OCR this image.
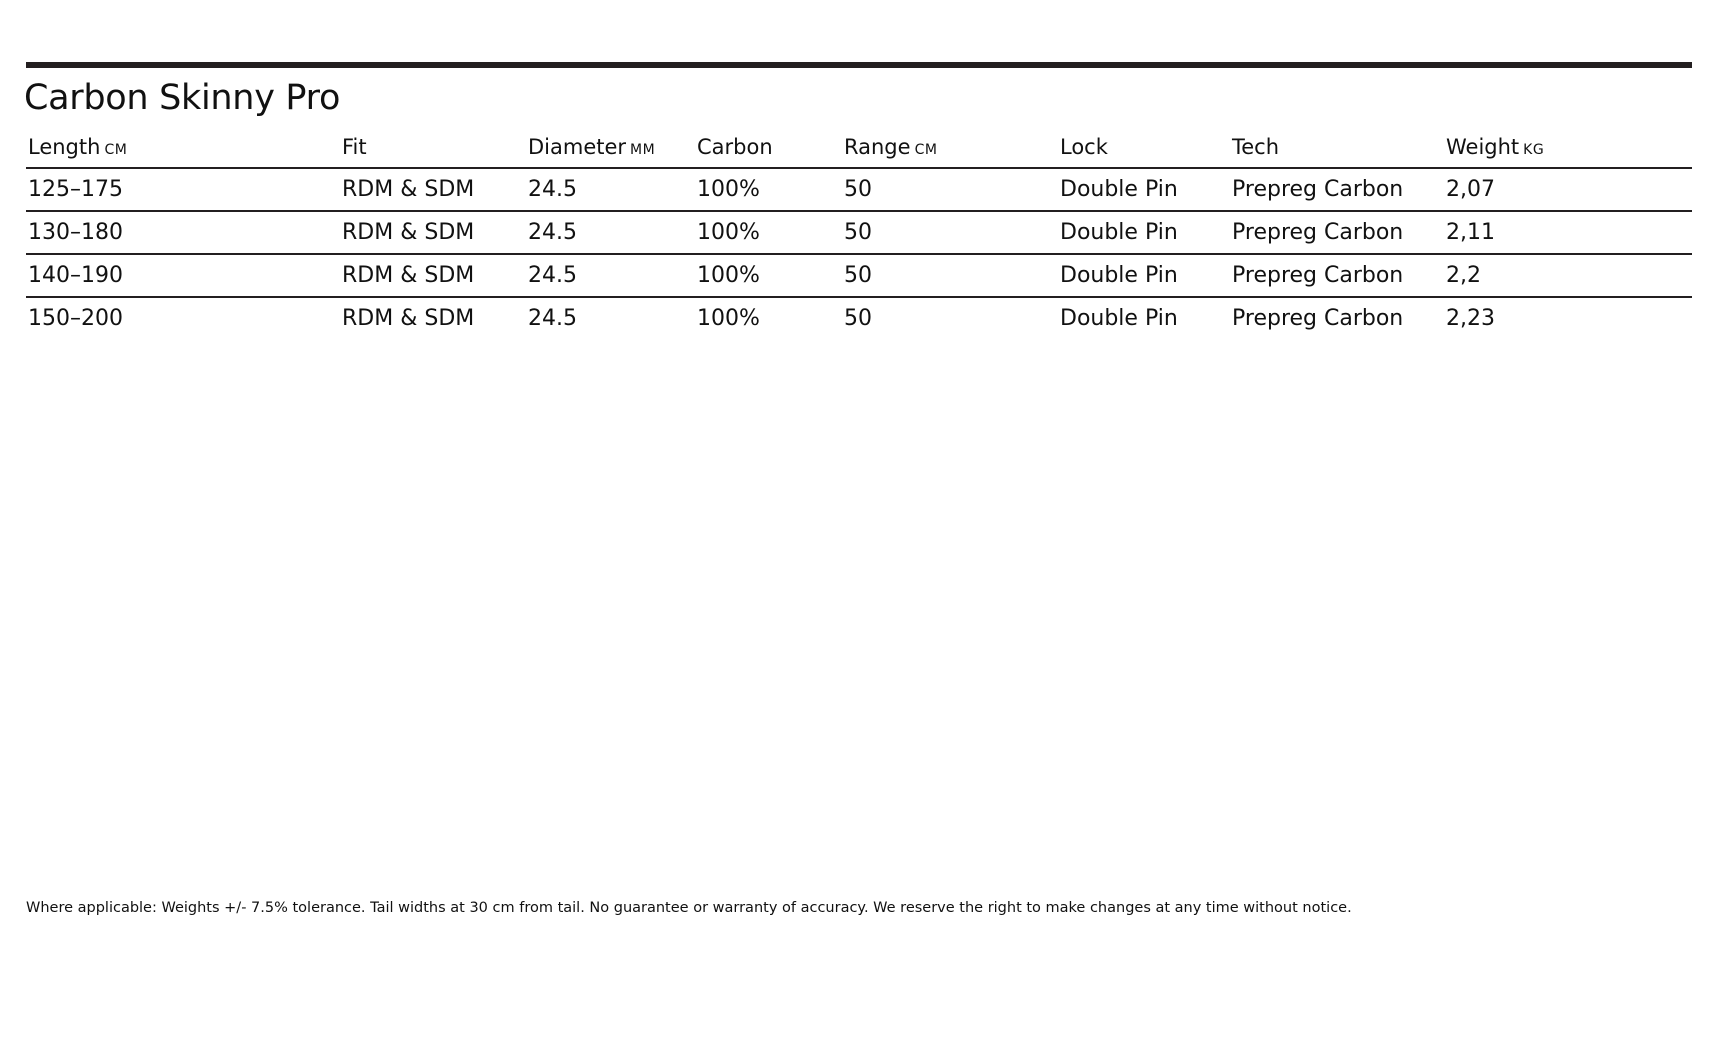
Carbon Skinny Pro
Length CM	Fit	Diameter MM	Carbon	Range CM	Lock	Tech	Weight KG
125–175	RDM & SDM	24.5	100%	50	Double Pin	Prepreg Carbon	2,07
130–180	RDM & SDM	24.5	100%	50	Double Pin	Prepreg Carbon	2,11
140–190	RDM & SDM	24.5	100%	50	Double Pin	Prepreg Carbon	2,2
150–200	RDM & SDM	24.5	100%	50	Double Pin	Prepreg Carbon	2,23
Where applicable: Weights +/- 7.5% tolerance. Tail widths at 30 cm from tail. No guarantee or warranty of accuracy. We reserve the right to make changes at any time without notice.
